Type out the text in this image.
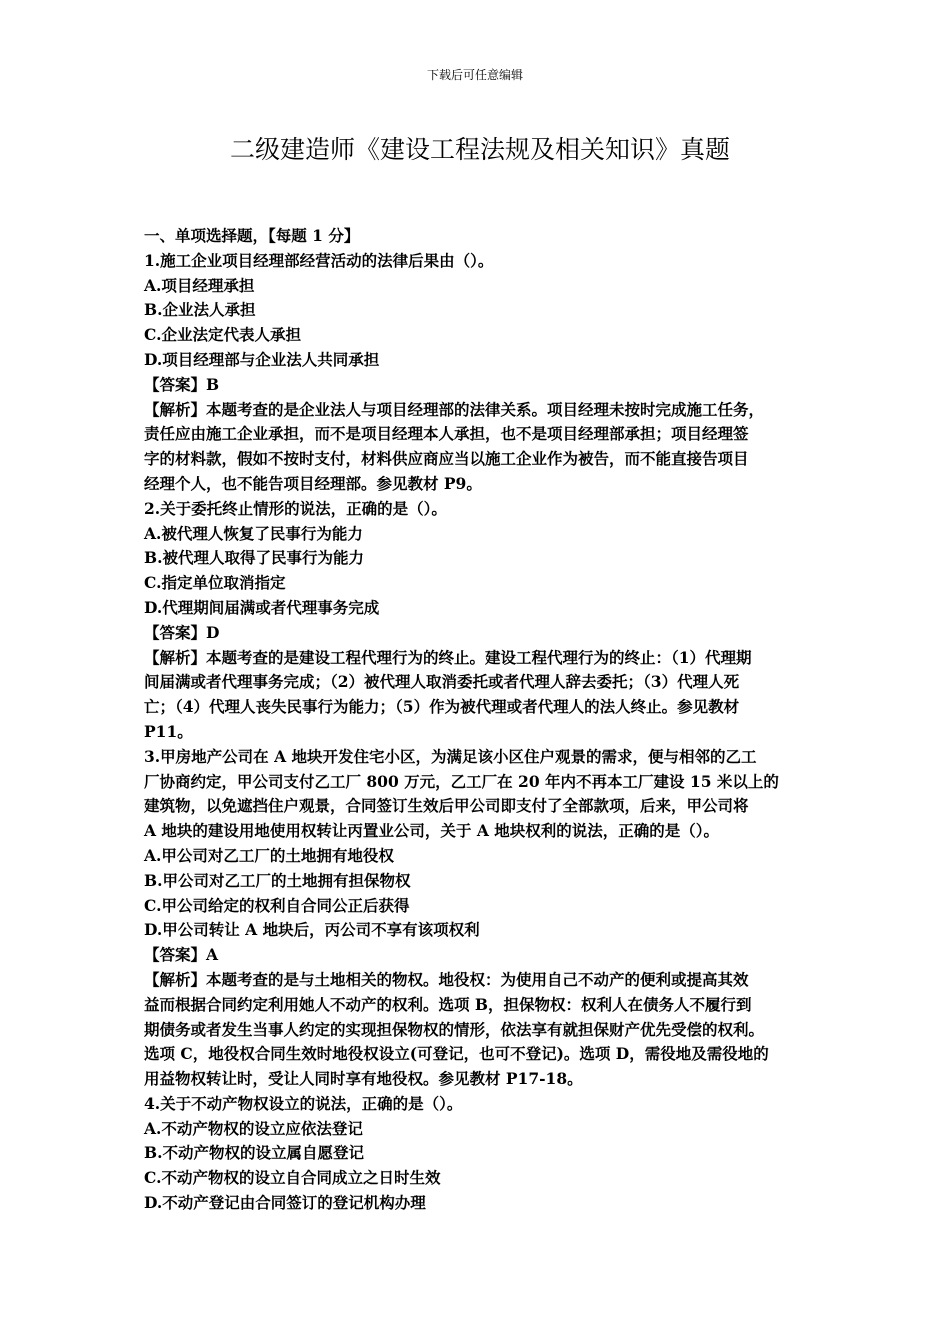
下载后可任意编辑
二级建造师《建设工程法规及相关知识》真题
一、单项选择题，【每题 1 分】
1.施工企业项目经理部经营活动的法律后果由（）。
A.项目经理承担
B.企业法人承担
C.企业法定代表人承担
D.项目经理部与企业法人共同承担
【答案】B
【解析】本题考查的是企业法人与项目经理部的法律关系。项目经理未按时完成施工任务，
责任应由施工企业承担，而不是项目经理本人承担，也不是项目经理部承担；项目经理签
字的材料款，假如不按时支付，材料供应商应当以施工企业作为被告，而不能直接告项目
经理个人，也不能告项目经理部。参见教材 P9。
2.关于委托终止情形的说法，正确的是（）。
A.被代理人恢复了民事行为能力
B.被代理人取得了民事行为能力
C.指定单位取消指定
D.代理期间届满或者代理事务完成
【答案】D
【解析】本题考查的是建设工程代理行为的终止。建设工程代理行为的终止：（1）代理期
间届满或者代理事务完成；（2）被代理人取消委托或者代理人辞去委托；（3）代理人死
亡；（4）代理人丧失民事行为能力；（5）作为被代理或者代理人的法人终止。参见教材
P11。
3.甲房地产公司在 A 地块开发住宅小区，为满足该小区住户观景的需求，便与相邻的乙工
厂协商约定，甲公司支付乙工厂 800 万元，乙工厂在 20 年内不再本工厂建设 15 米以上的
建筑物，以免遮挡住户观景，合同签订生效后甲公司即支付了全部款项，后来，甲公司将
A 地块的建设用地使用权转让丙置业公司，关于 A 地块权利的说法，正确的是（）。
A.甲公司对乙工厂的土地拥有地役权
B.甲公司对乙工厂的土地拥有担保物权
C.甲公司给定的权利自合同公正后获得
D.甲公司转让 A 地块后，丙公司不享有该项权利
【答案】A
【解析】本题考查的是与土地相关的物权。地役权：为使用自己不动产的便利或提高其效
益而根据合同约定利用她人不动产的权利。选项 B，担保物权：权利人在债务人不履行到
期债务或者发生当事人约定的实现担保物权的情形，依法享有就担保财产优先受偿的权利。
选项 C，地役权合同生效时地役权设立(可登记，也可不登记)。选项 D，需役地及需役地的
用益物权转让时，受让人同时享有地役权。参见教材 P17-18。
4.关于不动产物权设立的说法，正确的是（）。
A.不动产物权的设立应依法登记
B.不动产物权的设立属自愿登记
C.不动产物权的设立自合同成立之日时生效
D.不动产登记由合同签订的登记机构办理
